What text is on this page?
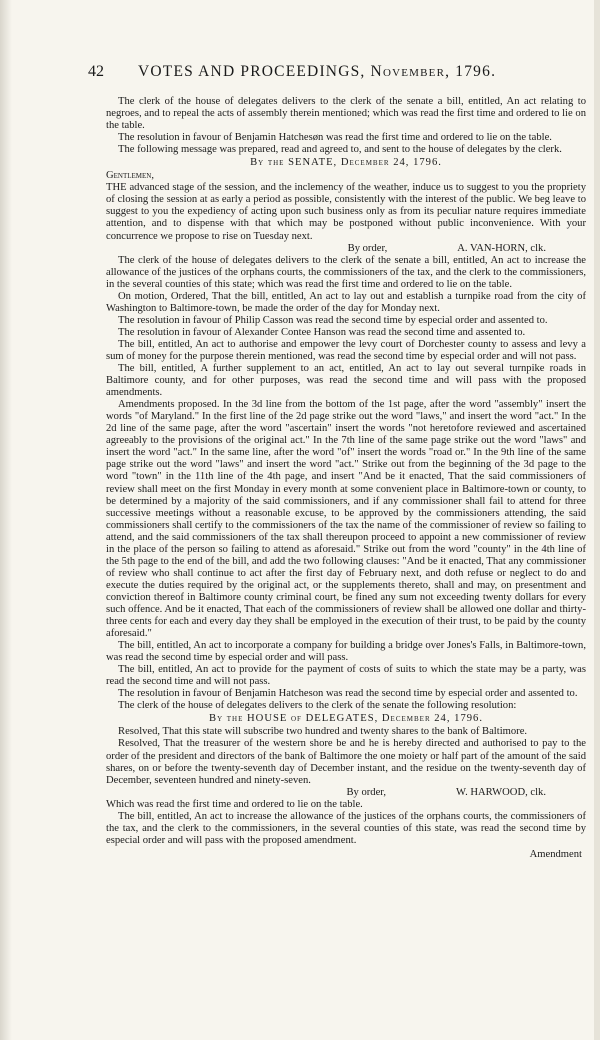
42	VOTES AND PROCEEDINGS, November, 1796.

The clerk of the house of delegates delivers to the clerk of the senate a bill, entitled, An act relating to negroes, and to repeal the acts of assembly therein mentioned; which was read the first time and ordered to lie on the table.

The resolution in favour of Benjamin Hatchesøn was read the first time and ordered to lie on the table.

The following message was prepared, read and agreed to, and sent to the house of delegates by the clerk.

By the SENATE, December 24, 1796.
Gentlemen,

THE advanced stage of the session, and the inclemency of the weather, induce us to suggest to you the propriety of closing the session at as early a period as possible, consistently with the interest of the public. We beg leave to suggest to you the expediency of acting upon such business only as from its peculiar nature requires immediate attention, and to dispense with that which may be postponed without public inconvenience. With your concurrence we propose to rise on Tuesday next.

By order,	A. VAN-HORN, clk.

The clerk of the house of delegates delivers to the clerk of the senate a bill, entitled, An act to increase the allowance of the justices of the orphans courts, the commissioners of the tax, and the clerk to the commissioners, in the several counties of this state; which was read the first time and ordered to lie on the table.

On motion, Ordered, That the bill, entitled, An act to lay out and establish a turnpike road from the city of Washington to Baltimore-town, be made the order of the day for Monday next.

The resolution in favour of Philip Casson was read the second time by especial order and assented to.

The resolution in favour of Alexander Contee Hanson was read the second time and assented to.

The bill, entitled, An act to authorise and empower the levy court of Dorchester county to assess and levy a sum of money for the purpose therein mentioned, was read the second time by especial order and will not pass.

The bill, entitled, A further supplement to an act, entitled, An act to lay out several turnpike roads in Baltimore county, and for other purposes, was read the second time and will pass with the proposed amendments.

Amendments proposed. In the 3d line from the bottom of the 1st page, after the word "assembly" insert the words "of Maryland." In the first line of the 2d page strike out the word "laws," and insert the word "act." In the 2d line of the same page, after the word "ascertain" insert the words "not heretofore reviewed and ascertained agreeably to the provisions of the original act." In the 7th line of the same page strike out the word "laws" and insert the word "act." In the same line, after the word "of" insert the words "road or." In the 9th line of the same page strike out the word "laws" and insert the word "act." Strike out from the beginning of the 3d page to the word "town" in the 11th line of the 4th page, and insert "And be it enacted, That the said commissioners of review shall meet on the first Monday in every month at some convenient place in Baltimore-town or county, to be determined by a majority of the said commissioners, and if any commissioner shall fail to attend for three successive meetings without a reasonable excuse, to be approved by the commissioners attending, the said commissioners shall certify to the commissioners of the tax the name of the commissioner of review so failing to attend, and the said commissioners of the tax shall thereupon proceed to appoint a new commissioner of review in the place of the person so failing to attend as aforesaid." Strike out from the word "county" in the 4th line of the 5th page to the end of the bill, and add the two following clauses: "And be it enacted, That any commissioner of review who shall continue to act after the first day of February next, and doth refuse or neglect to do and execute the duties required by the original act, or the supplements thereto, shall and may, on presentment and conviction thereof in Baltimore county criminal court, be fined any sum not exceeding twenty dollars for every such offence. And be it enacted, That each of the commissioners of review shall be allowed one dollar and thirty-three cents for each and every day they shall be employed in the execution of their trust, to be paid by the county aforesaid."

The bill, entitled, An act to incorporate a company for building a bridge over Jones's Falls, in Baltimore-town, was read the second time by especial order and will pass.

The bill, entitled, An act to provide for the payment of costs of suits to which the state may be a party, was read the second time and will not pass.

The resolution in favour of Benjamin Hatcheson was read the second time by especial order and assented to.

The clerk of the house of delegates delivers to the clerk of the senate the following resolution:

By the HOUSE of DELEGATES, December 24, 1796.

Resolved, That this state will subscribe two hundred and twenty shares to the bank of Baltimore.

Resolved, That the treasurer of the western shore be and he is hereby directed and authorised to pay to the order of the president and directors of the bank of Baltimore the one moiety or half part of the amount of the said shares, on or before the twenty-seventh day of December instant, and the residue on the twenty-seventh day of December, seventeen hundred and ninety-seven.

By order,	W. HARWOOD, clk.

Which was read the first time and ordered to lie on the table.

The bill, entitled, An act to increase the allowance of the justices of the orphans courts, the commissioners of the tax, and the clerk to the commissioners, in the several counties of this state, was read the second time by especial order and will pass with the proposed amendment.

Amendment
